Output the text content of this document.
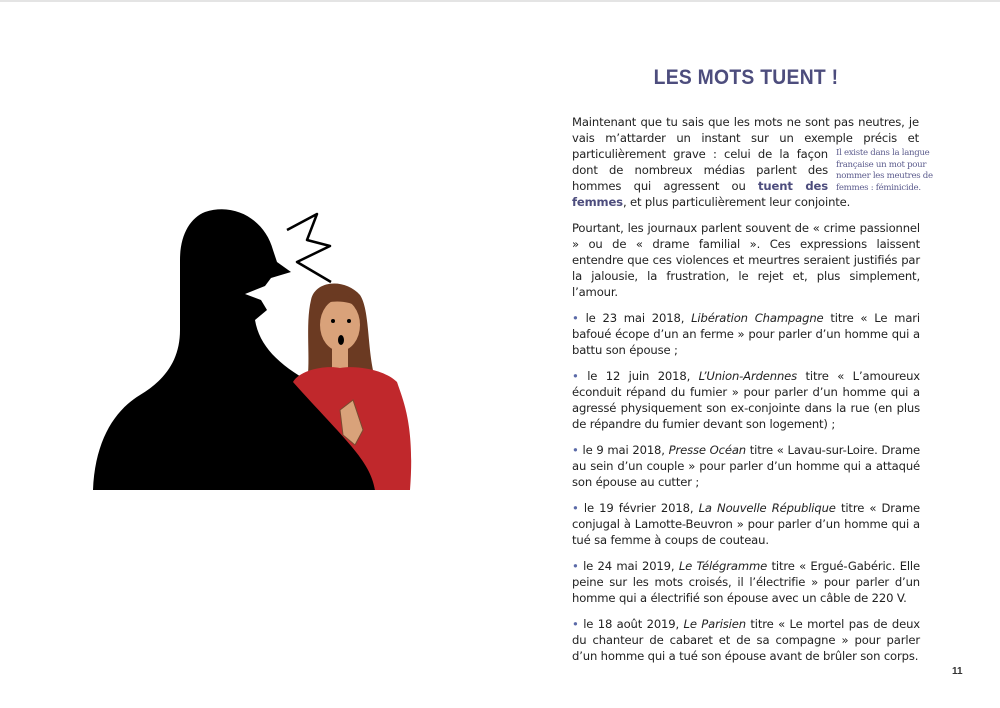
LES MOTS TUENT !

Il existe dans la langue française un mot pour nommer les meutres de femmes : féminicide.
Maintenant que tu sais que les mots ne sont pas neutres, je vais m’attarder un instant sur un exemple précis et particulièrement grave : celui de la façon dont de nombreux médias parlent des hommes qui agressent ou tuent des femmes, et plus particulièrement leur conjointe.

Pourtant, les journaux parlent souvent de « crime passionnel » ou de « drame familial ». Ces expressions laissent entendre que ces violences et meurtres seraient justifiés par la jalousie, la frustration, le rejet et, plus simplement, l’amour.

• le 23 mai 2018, Libération Champagne titre « Le mari bafoué écope d’un an ferme » pour parler d’un homme qui a battu son épouse ;

• le 12 juin 2018, L’Union-Ardennes titre « L’amoureux éconduit répand du fumier » pour parler d’un homme qui a agressé physiquement son ex-conjointe dans la rue (en plus de répandre du fumier devant son logement) ;

• le 9 mai 2018, Presse Océan titre « Lavau-sur-Loire. Drame au sein d’un couple » pour parler d’un homme qui a attaqué son épouse au cutter ;

• le 19 février 2018, La Nouvelle République titre « Drame conjugal à Lamotte-Beuvron » pour parler d’un homme qui a tué sa femme à coups de couteau.

• le 24 mai 2019, Le Télégramme titre « Ergué-Gabéric. Elle peine sur les mots croisés, il l’électrifie » pour parler d’un homme qui a électrifié son épouse avec un câble de 220 V.

• le 18 août 2019, Le Parisien titre « Le mortel pas de deux du chanteur de cabaret et de sa compagne » pour parler d’un homme qui a tué son épouse avant de brûler son corps.

11
